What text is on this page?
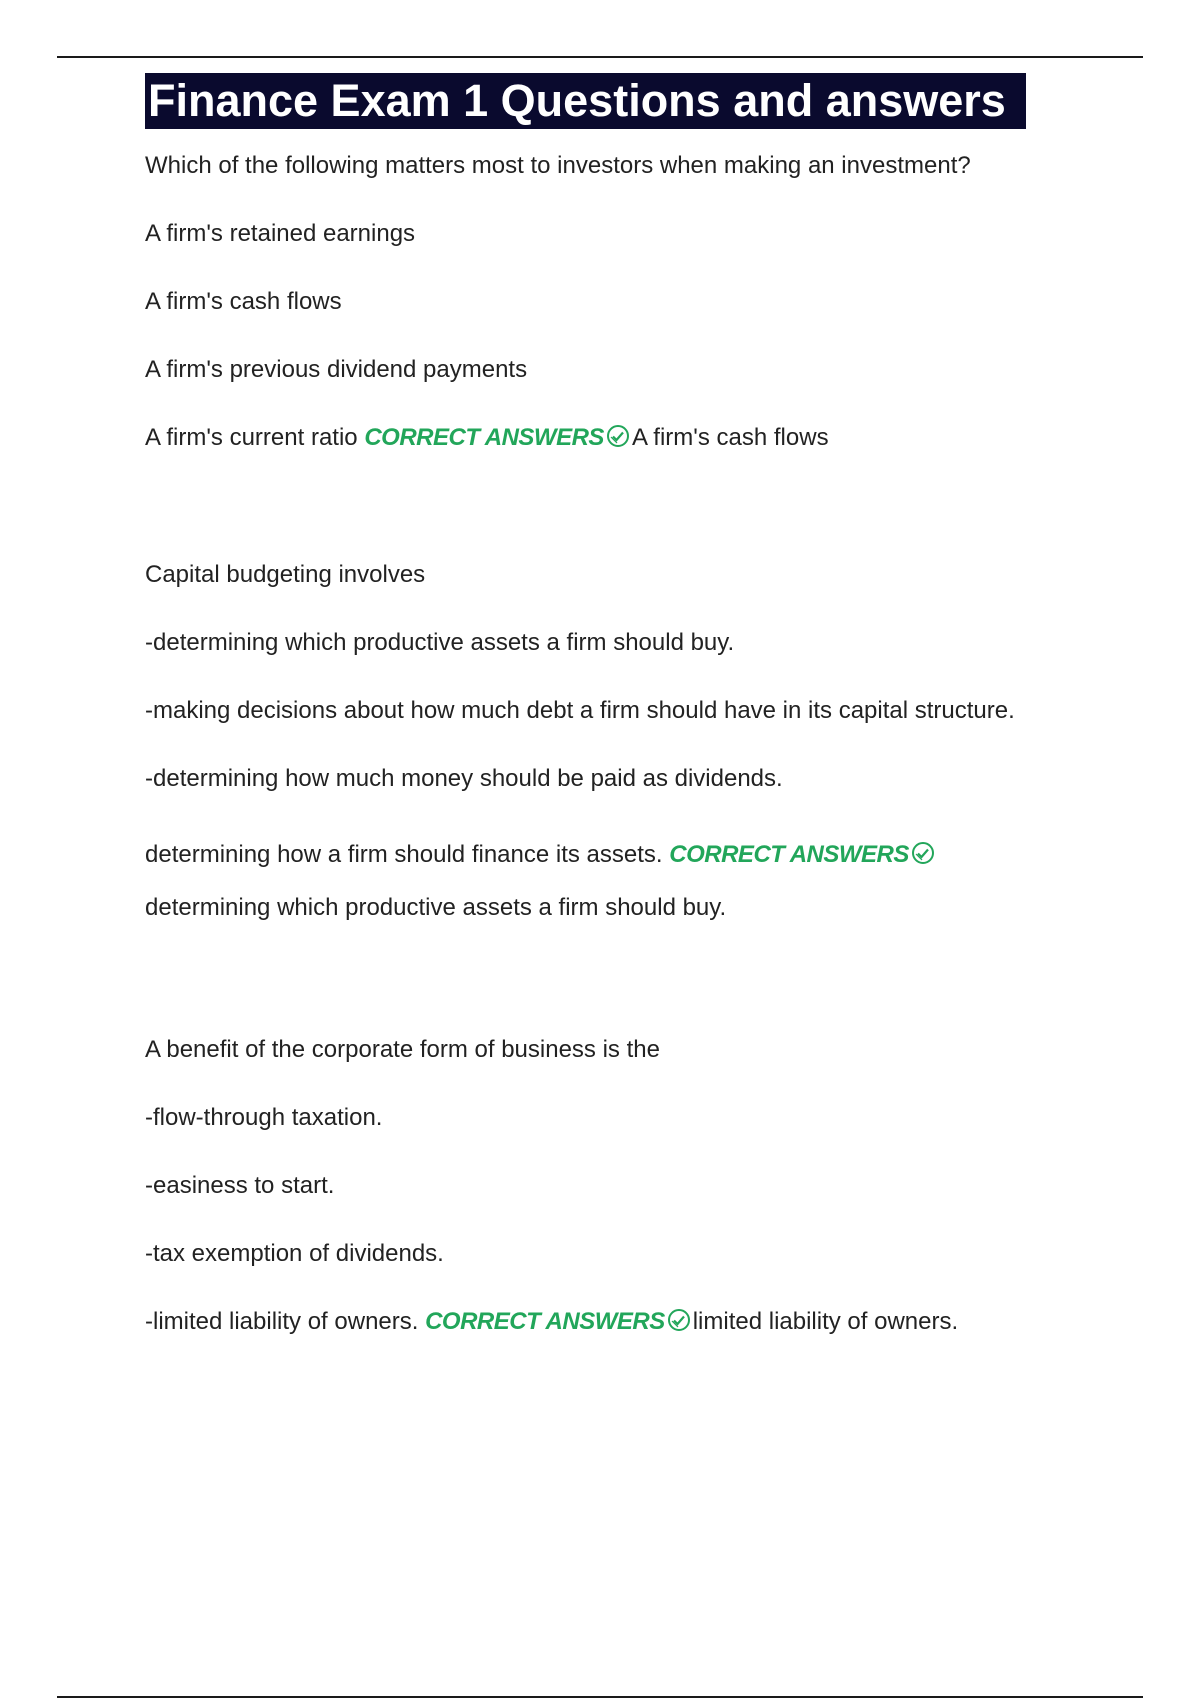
Finance Exam 1 Questions and answers
Which of the following matters most to investors when making an investment?
A firm's retained earnings
A firm's cash flows
A firm's previous dividend payments
A firm's current ratio CORRECT ANSWERS A firm's cash flows
Capital budgeting involves
-determining which productive assets a firm should buy.
-making decisions about how much debt a firm should have in its capital structure.
-determining how much money should be paid as dividends.
determining how a firm should finance its assets. CORRECT ANSWERS
determining which productive assets a firm should buy.
A benefit of the corporate form of business is the
-flow-through taxation.
-easiness to start.
-tax exemption of dividends.
-limited liability of owners. CORRECT ANSWERS limited liability of owners.
